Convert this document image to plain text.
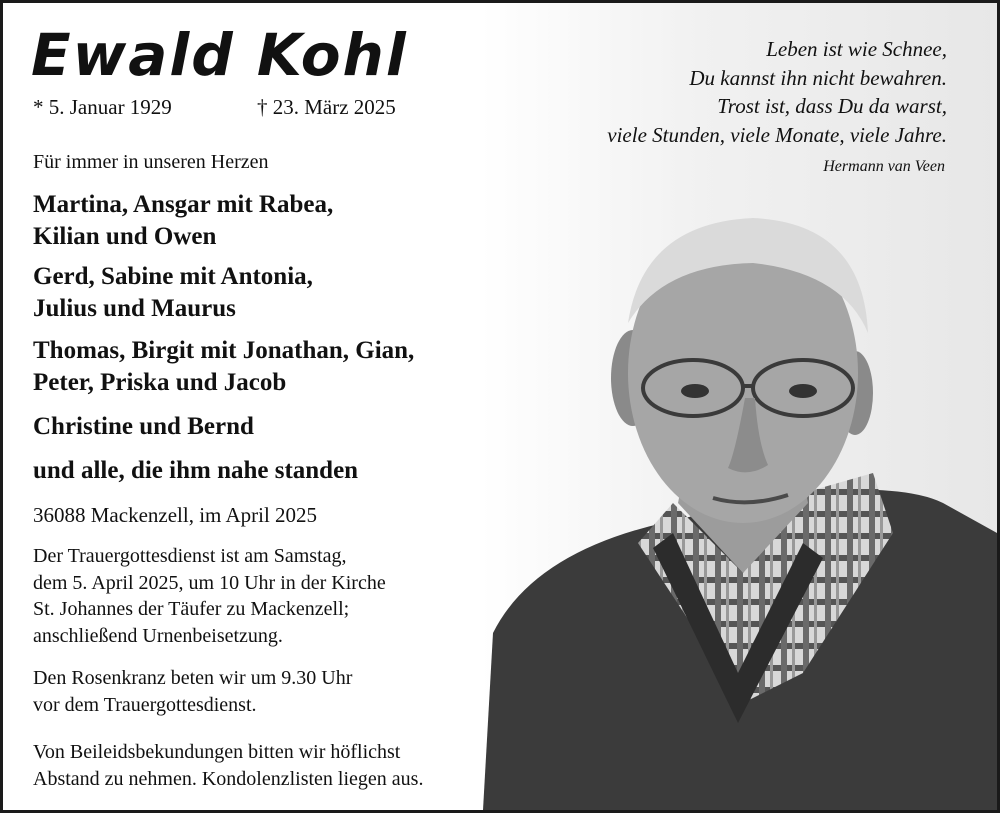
Ewald Kohl
* 5. Januar 1929	† 23. März 2025
Für immer in unseren Herzen
Martina, Ansgar mit Rabea,
Kilian und Owen
Gerd, Sabine mit Antonia,
Julius und Maurus
Thomas, Birgit mit Jonathan, Gian,
Peter, Priska und Jacob
Christine und Bernd
und alle, die ihm nahe standen
36088 Mackenzell, im April 2025
Der Trauergottesdienst ist am Samstag,
dem 5. April 2025, um 10 Uhr in der Kirche
St. Johannes der Täufer zu Mackenzell;
anschließend Urnenbeisetzung.
Den Rosenkranz beten wir um 9.30 Uhr
vor dem Trauergottesdienst.
Von Beileidsbekundungen bitten wir höflichst
Abstand zu nehmen. Kondolenzlisten liegen aus.
Leben ist wie Schnee,
Du kannst ihn nicht bewahren.
Trost ist, dass Du da warst,
viele Stunden, viele Monate, viele Jahre.
Hermann van Veen
